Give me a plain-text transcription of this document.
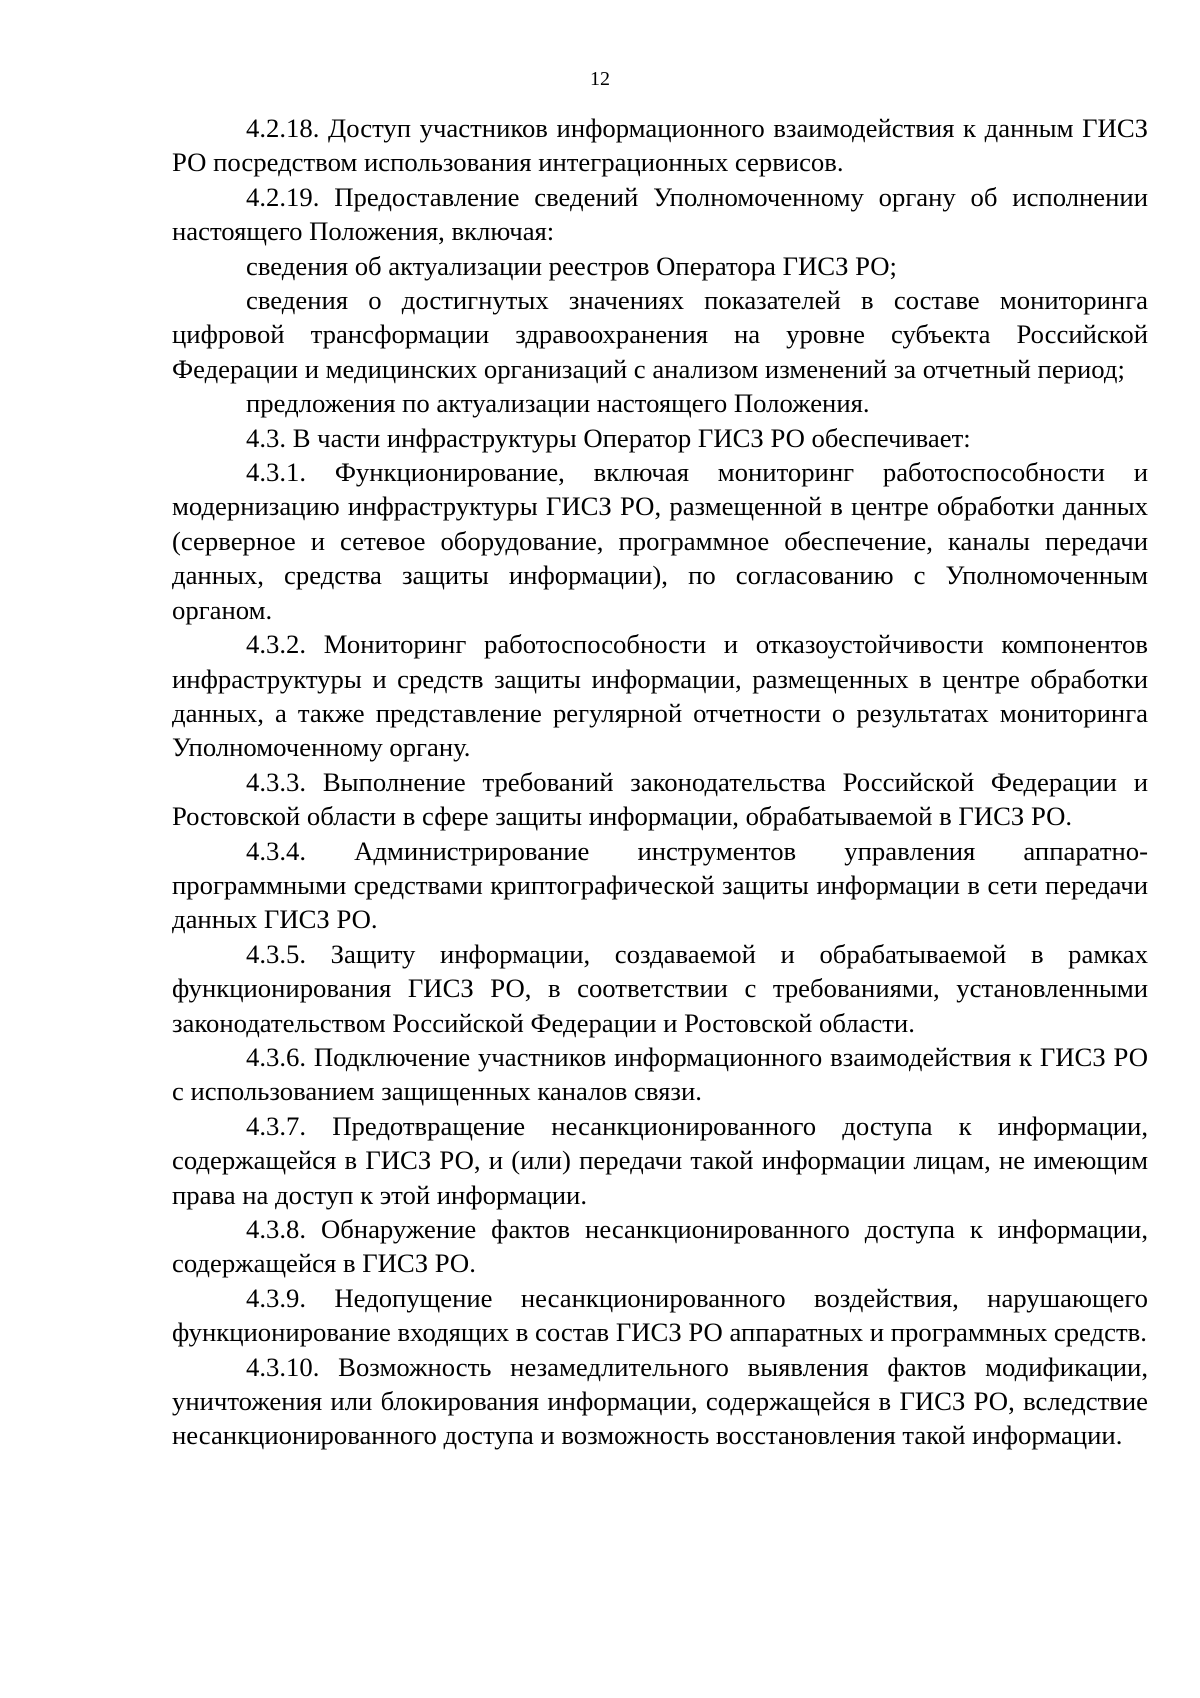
12

4.2.18. Доступ участников информационного взаимодействия к данным ГИСЗ РО посредством использования интеграционных сервисов.

4.2.19. Предоставление сведений Уполномоченному органу об исполнении настоящего Положения, включая:

сведения об актуализации реестров Оператора ГИСЗ РО;

сведения о достигнутых значениях показателей в составе мониторинга цифровой трансформации здравоохранения на уровне субъекта Российской Федерации и медицинских организаций с анализом изменений за отчетный период;

предложения по актуализации настоящего Положения.

4.3. В части инфраструктуры Оператор ГИСЗ РО обеспечивает:

4.3.1. Функционирование, включая мониторинг работоспособности и модернизацию инфраструктуры ГИСЗ РО, размещенной в центре обработки данных (серверное и сетевое оборудование, программное обеспечение, каналы передачи данных, средства защиты информации), по согласованию с Уполномоченным органом.

4.3.2. Мониторинг работоспособности и отказоустойчивости компонентов инфраструктуры и средств защиты информации, размещенных в центре обработки данных, а также представление регулярной отчетности о результатах мониторинга Уполномоченному органу.

4.3.3. Выполнение требований законодательства Российской Федерации и Ростовской области в сфере защиты информации, обрабатываемой в ГИСЗ РО.

4.3.4. Администрирование инструментов управления аппаратно-программными средствами криптографической защиты информации в сети передачи данных ГИСЗ РО.

4.3.5. Защиту информации, создаваемой и обрабатываемой в рамках функционирования ГИСЗ РО, в соответствии с требованиями, установленными законодательством Российской Федерации и Ростовской области.

4.3.6. Подключение участников информационного взаимодействия к ГИСЗ РО с использованием защищенных каналов связи.

4.3.7. Предотвращение несанкционированного доступа к информации, содержащейся в ГИСЗ РО, и (или) передачи такой информации лицам, не имеющим права на доступ к этой информации.

4.3.8. Обнаружение фактов несанкционированного доступа к информации, содержащейся в ГИСЗ РО.

4.3.9. Недопущение несанкционированного воздействия, нарушающего функционирование входящих в состав ГИСЗ РО аппаратных и программных средств.

4.3.10. Возможность незамедлительного выявления фактов модификации, уничтожения или блокирования информации, содержащейся в ГИСЗ РО, вследствие несанкционированного доступа и возможность восстановления такой информации.
